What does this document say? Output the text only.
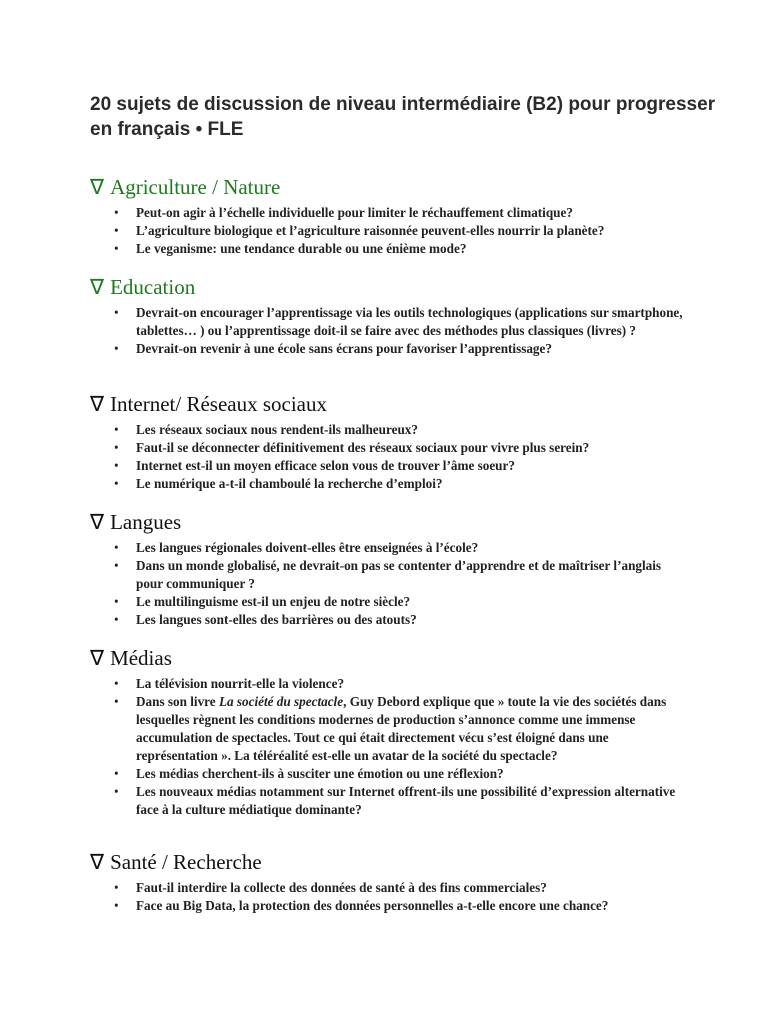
20 sujets de discussion de niveau intermédiaire (B2) pour progresser en français • FLE
∇ Agriculture / Nature
• Peut-on agir à l’échelle individuelle pour limiter le réchauffement climatique?
• L’agriculture biologique et l’agriculture raisonnée peuvent-elles nourrir la planète?
• Le veganisme: une tendance durable ou une énième mode?
∇ Education
• Devrait-on encourager l’apprentissage via les outils technologiques (applications sur smartphone, tablettes… ) ou l’apprentissage doit-il se faire avec des méthodes plus classiques (livres) ?
• Devrait-on revenir à une école sans écrans pour favoriser l’apprentissage?
∇ Internet/ Réseaux sociaux
• Les réseaux sociaux nous rendent-ils malheureux?
• Faut-il se déconnecter définitivement des réseaux sociaux pour vivre plus serein?
• Internet est-il un moyen efficace selon vous de trouver l’âme soeur?
• Le numérique a-t-il chamboulé la recherche d’emploi?
∇ Langues
• Les langues régionales doivent-elles être enseignées à l’école?
• Dans un monde globalisé, ne devrait-on pas se contenter d’apprendre et de maîtriser l’anglais pour communiquer ?
• Le multilinguisme est-il un enjeu de notre siècle?
• Les langues sont-elles des barrières ou des atouts?
∇ Médias
• La télévision nourrit-elle la violence?
• Dans son livre La société du spectacle, Guy Debord explique que » toute la vie des sociétés dans lesquelles règnent les conditions modernes de production s’annonce comme une immense accumulation de spectacles. Tout ce qui était directement vécu s’est éloigné dans une représentation ». La téléréalité est-elle un avatar de la société du spectacle?
• Les médias cherchent-ils à susciter une émotion ou une réflexion?
• Les nouveaux médias notamment sur Internet offrent-ils une possibilité d’expression alternative face à la culture médiatique dominante?
∇ Santé / Recherche
• Faut-il interdire la collecte des données de santé à des fins commerciales?
• Face au Big Data, la protection des données personnelles a-t-elle encore une chance?
